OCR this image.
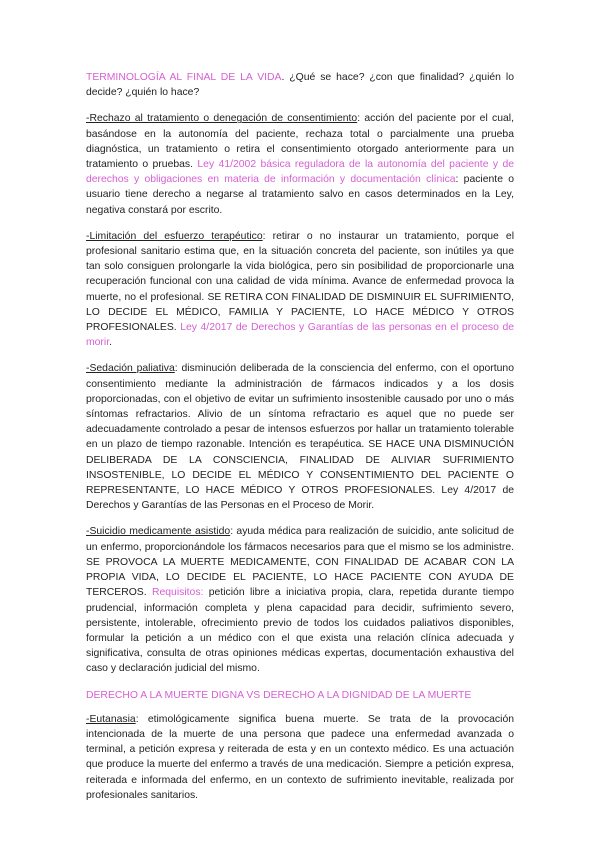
TERMINOLOGÍA AL FINAL DE LA VIDA. ¿Qué se hace? ¿con que finalidad? ¿quién lo decide? ¿quién lo hace?

-Rechazo al tratamiento o denegación de consentimiento: acción del paciente por el cual, basándose en la autonomía del paciente, rechaza total o parcialmente una prueba diagnóstica, un tratamiento o retira el consentimiento otorgado anteriormente para un tratamiento o pruebas. Ley 41/2002 básica reguladora de la autonomía del paciente y de derechos y obligaciones en materia de información y documentación clínica: paciente o usuario tiene derecho a negarse al tratamiento salvo en casos determinados en la Ley, negativa constará por escrito.

-Limitación del esfuerzo terapéutico: retirar o no instaurar un tratamiento, porque el profesional sanitario estima que, en la situación concreta del paciente, son inútiles ya que tan solo consiguen prolongarle la vida biológica, pero sin posibilidad de proporcionarle una recuperación funcional con una calidad de vida mínima. Avance de enfermedad provoca la muerte, no el profesional. SE RETIRA CON FINALIDAD DE DISMINUIR EL SUFRIMIENTO, LO DECIDE EL MÉDICO, FAMILIA Y PACIENTE, LO HACE MÉDICO Y OTROS PROFESIONALES. Ley 4/2017 de Derechos y Garantías de las personas en el proceso de morir.

-Sedación paliativa: disminución deliberada de la consciencia del enfermo, con el oportuno consentimiento mediante la administración de fármacos indicados y a los dosis proporcionadas, con el objetivo de evitar un sufrimiento insostenible causado por uno o más síntomas refractarios. Alivio de un síntoma refractario es aquel que no puede ser adecuadamente controlado a pesar de intensos esfuerzos por hallar un tratamiento tolerable en un plazo de tiempo razonable. Intención es terapéutica. SE HACE UNA DISMINUCIÓN DELIBERADA DE LA CONSCIENCIA, FINALIDAD DE ALIVIAR SUFRIMIENTO INSOSTENIBLE, LO DECIDE EL MÉDICO Y CONSENTIMIENTO DEL PACIENTE O REPRESENTANTE, LO HACE MÉDICO Y OTROS PROFESIONALES. Ley 4/2017 de Derechos y Garantías de las Personas en el Proceso de Morir.

-Suicidio medicamente asistido: ayuda médica para realización de suicidio, ante solicitud de un enfermo, proporcionándole los fármacos necesarios para que el mismo se los administre. SE PROVOCA LA MUERTE MEDICAMENTE, CON FINALIDAD DE ACABAR CON LA PROPIA VIDA, LO DECIDE EL PACIENTE, LO HACE PACIENTE CON AYUDA DE TERCEROS. Requisitos: petición libre a iniciativa propia, clara, repetida durante tiempo prudencial, información completa y plena capacidad para decidir, sufrimiento severo, persistente, intolerable, ofrecimiento previo de todos los cuidados paliativos disponibles, formular la petición a un médico con el que exista una relación clínica adecuada y significativa, consulta de otras opiniones médicas expertas, documentación exhaustiva del caso y declaración judicial del mismo.

DERECHO A LA MUERTE DIGNA VS DERECHO A LA DIGNIDAD DE LA MUERTE

-Eutanasia: etimológicamente significa buena muerte. Se trata de la provocación intencionada de la muerte de una persona que padece una enfermedad avanzada o terminal, a petición expresa y reiterada de esta y en un contexto médico. Es una actuación que produce la muerte del enfermo a través de una medicación. Siempre a petición expresa, reiterada e informada del enfermo, en un contexto de sufrimiento inevitable, realizada por profesionales sanitarios.
